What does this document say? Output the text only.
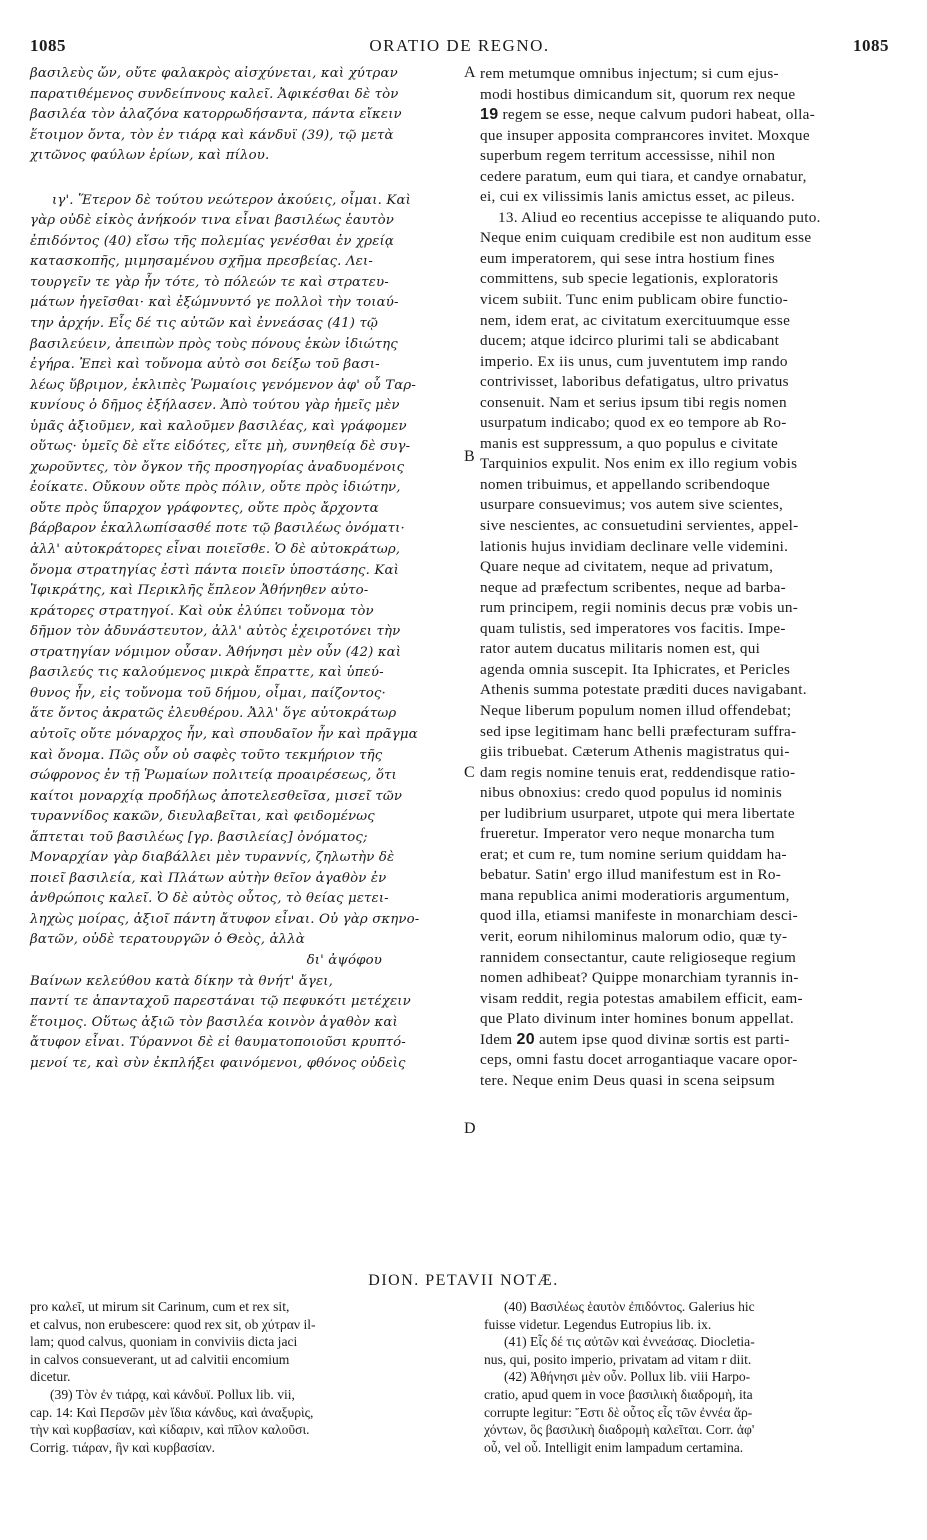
1085	ORATIO DE REGNO.	1085
βασιλεὺς ὤν, οὔτε φαλακρὸς αἰσχύνεται, καὶ χύτραν
παρατιθέμενος συνδείπνους καλεῖ. Ἀφικέσθαι δὲ τὸν
βασιλέα τὸν ἀλαζόνα κατορρωδήσαντα, πάντα εἴκειν
ἕτοιμον ὄντα, τὸν ἐν τιάρᾳ καὶ κάνδυϊ (39), τῷ μετὰ
χιτῶνος φαύλων ἐρίων, καὶ πίλου.
ιγ'. Ἕτερον δὲ τούτου νεώτερον ἀκούεις, οἶμαι. Καὶ
γὰρ οὐδὲ εἰκὸς ἀνήκοόν τινα εἶναι βασιλέως ἑαυτὸν
ἐπιδόντος (40) εἴσω τῆς πολεμίας γενέσθαι ἐν χρείᾳ
κατασκοπῆς, μιμησαμένου σχῆμα πρεσβείας. Λει-
τουργεῖν τε γὰρ ἦν τότε, τὸ πόλεών τε καὶ στρατευ-
μάτων ἡγεῖσθαι· καὶ ἐξώμνυντό γε πολλοὶ τὴν τοιαύ-
την ἀρχήν. Εἷς δέ τις αὐτῶν καὶ ἐννεάσας (41) τῷ
βασιλεύειν, ἀπειπὼν πρὸς τοὺς πόνους ἑκὼν ἰδιώτης
ἐγήρα. Ἐπεὶ καὶ τοὔνομα αὐτὸ σοι δείξω τοῦ βασι-
λέως ὕβριμον, ἐκλιπὲς Ῥωμαίοις γενόμενον ἀφ' οὗ Ταρ-
κυνίους ὁ δῆμος ἐξήλασεν. Ἀπὸ τούτου γὰρ ἡμεῖς μὲν
ὑμᾶς ἀξιοῦμεν, καὶ καλοῦμεν βασιλέας, καὶ γράφομεν
οὕτως· ὑμεῖς δὲ εἴτε εἰδότες, εἴτε μὴ, συνηθείᾳ δὲ συγ-
χωροῦντες, τὸν ὄγκον τῆς προσηγορίας ἀναδυομένοις
ἐοίκατε. Οὔκουν οὔτε πρὸς πόλιν, οὔτε πρὸς ἰδιώτην,
οὔτε πρὸς ὕπαρχον γράφοντες, οὔτε πρὸς ἄρχοντα
βάρβαρον ἐκαλλωπίσασθέ ποτε τῷ βασιλέως ὀνόματι·
ἀλλ' αὐτοκράτορες εἶναι ποιεῖσθε. Ὁ δὲ αὐτοκράτωρ,
ὄνομα στρατηγίας ἐστὶ πάντα ποιεῖν ὑποστάσης. Καὶ
Ἰφικράτης, καὶ Περικλῆς ἔπλεον Ἀθήνηθεν αὐτο-
κράτορες στρατηγοί. Καὶ οὐκ ἐλύπει τοὔνομα τὸν
δῆμον τὸν ἀδυνάστευτον, ἀλλ' αὐτὸς ἐχειροτόνει τὴν
στρατηγίαν νόμιμον οὖσαν. Ἀθήνησι μὲν οὖν (42) καὶ
βασιλεύς τις καλούμενος μικρὰ ἔπραττε, καὶ ὑπεύ-
θυνος ἦν, εἰς τοὔνομα τοῦ δήμου, οἶμαι, παίζοντος·
ἅτε ὄντος ἀκρατῶς ἐλευθέρου. Ἀλλ' ὅγε αὐτοκράτωρ
αὐτοῖς οὔτε μόναρχος ἦν, καὶ σπουδαῖον ἦν καὶ πρᾶγμα
καὶ ὄνομα. Πῶς οὖν οὐ σαφὲς τοῦτο τεκμήριον τῆς
σώφρονος ἐν τῇ Ῥωμαίων πολιτείᾳ προαιρέσεως, ὅτι
καίτοι μοναρχίᾳ προδήλως ἀποτελεσθεῖσα, μισεῖ τῶν
τυραννίδος κακῶν, διευλαβεῖται, καὶ φειδομένως
ἅπτεται τοῦ βασιλέως [γρ. βασιλείας] ὀνόματος;
Μοναρχίαν γὰρ διαβάλλει μὲν τυραννίς, ζηλωτὴν δὲ
ποιεῖ βασιλεία, καὶ Πλάτων αὐτὴν θεῖον ἀγαθὸν ἐν
ἀνθρώποις καλεῖ. Ὁ δὲ αὐτὸς οὗτος, τὸ θείας μετει-
ληχὼς μοίρας, ἀξιοῖ πάντη ἄτυφον εἶναι. Οὐ γὰρ σκηνο-
βατῶν, οὐδὲ τερατουργῶν ὁ Θεὸς, ἀλλὰ
δι' ἀψόφου
Βαίνων κελεύθου κατὰ δίκην τὰ θνήτ' ἄγει,
παντί τε ἁπανταχοῦ παρεστάναι τῷ πεφυκότι μετέχειν
ἕτοιμος. Οὕτως ἀξιῶ τὸν βασιλέα κοινὸν ἀγαθὸν καὶ
ἄτυφον εἶναι. Τύραννοι δὲ εἰ θαυματοποιοῦσι κρυπτό-
μενοί τε, καὶ σὺν ἐκπλήξει φαινόμενοι, φθόνος οὐδεὶς
rem metumque omnibus injectum; si cum ejus-
modi hostibus dimicandum sit, quorum rex neque
19 regem se esse, neque calvum pudori habeat, olla-
que insuper apposita comprансores invitet. Moxque
superbum regem territum accessisse, nihil non
cedere paratum, eum qui tiara, et candye ornabatur,
ei, cui ex vilissimis lanis amictus esset, ac pileus.
13. Aliud eo recentius accepisse te aliquando puto.
Neque enim cuiquam credibile est non auditum esse
eum imperatorem, qui sese intra hostium fines
committens, sub specie legationis, exploratoris
vicem subiit. Tunc enim publicam obire functio-
nem, idem erat, ac civitatum exercituumque esse
ducem; atque idcirco plurimi tali se abdicabant
imperio. Ex iis unus, cum juventutem imp rando
contrivisset, laboribus defatigatus, ultro privatus
consenuit. Nam et serius ipsum tibi regis nomen
usurpatum indicabo; quod ex eo tempore ab Ro-
manis est suppressum, a quo populus e civitate
Tarquinios expulit. Nos enim ex illo regium vobis
nomen tribuimus, et appellando scribendoque
usurpare consuevimus; vos autem sive scientes,
sive nescientes, ac consuetudini servientes, appel-
lationis hujus invidiam declinare velle videmini.
Quare neque ad civitatem, neque ad privatum,
neque ad præfectum scribentes, neque ad barba-
rum principem, regii nominis decus præ vobis un-
quam tulistis, sed imperatores vos facitis. Impe-
rator autem ducatus militaris nomen est, qui
agenda omnia suscepit. Ita Iphicrates, et Pericles
Athenis summa potestate præditi duces navigabant.
Neque liberum populum nomen illud offendebat;
sed ipse legitimam hanc belli præfecturam suffra-
giis tribuebat. Cæterum Athenis magistratus qui-
dam regis nomine tenuis erat, reddendisque ratio-
nibus obnoxius: credo quod populus id nominis
per ludibrium usurparet, utpote qui mera libertate
frueretur. Imperator vero neque monarcha tum
erat; et cum re, tum nomine serium quiddam ha-
bebatur. Satin' ergo illud manifestum est in Ro-
mana republica animi moderatioris argumentum,
quod illa, etiamsi manifeste in monarchiam desci-
verit, eorum nihilominus malorum odio, quæ ty-
rannidem consectantur, caute religioseque regium
nomen adhibeat? Quippe monarchiam tyrannis in-
visam reddit, regia potestas amabilem efficit, eam-
que Plato divinum inter homines bonum appellat.
Idem 20 autem ipse quod divinæ sortis est parti-
ceps, omni fastu docet arrogantiaque vacare opor-
tere. Neque enim Deus quasi in scena seipsum
A
B
C
D
DION. PETAVII NOTÆ.
pro καλεῖ, ut mirum sit Carinum, cum et rex sit,
et calvus, non erubescere: quod rex sit, ob χύτραν il-
lam; quod calvus, quoniam in conviviis dicta jaci
in calvos consueverant, ut ad calvitii encomium
dicetur.
(39) Τὸν ἐν τιάρᾳ, καὶ κάνδυϊ. Pollux lib. vii,
cap. 14: Καὶ Περσῶν μὲν ἴδια κάνδυς, καὶ ἀναξυρὶς,
τὴν καὶ κυρβασίαν, καὶ κίδαριν, καὶ πῖλον καλοῦσι.
Corrig. τιάραν, ἣν καὶ κυρβασίαν.
(40) Βασιλέως ἑαυτὸν ἐπιδόντος. Galerius hic
fuisse videtur. Legendus Eutropius lib. ix.
(41) Εἷς δέ τις αὐτῶν καὶ ἐννεάσας. Diocletia-
nus, qui, posito imperio, privatam ad vitam r diit.
(42) Ἀθήνησι μὲν οὖν. Pollux lib. viii Harpo-
cratio, apud quem in voce βασιλικὴ διαδρομὴ, ita
corrupte legitur: Ἔστι δὲ οὗτος εἷς τῶν ἐννέα ἄρ-
χόντων, ὃς βασιλικὴ διαδρομὴ καλεῖται. Corr. ἀφ'
οὗ, vel οὗ. Intelligit enim lampadum certamina.
